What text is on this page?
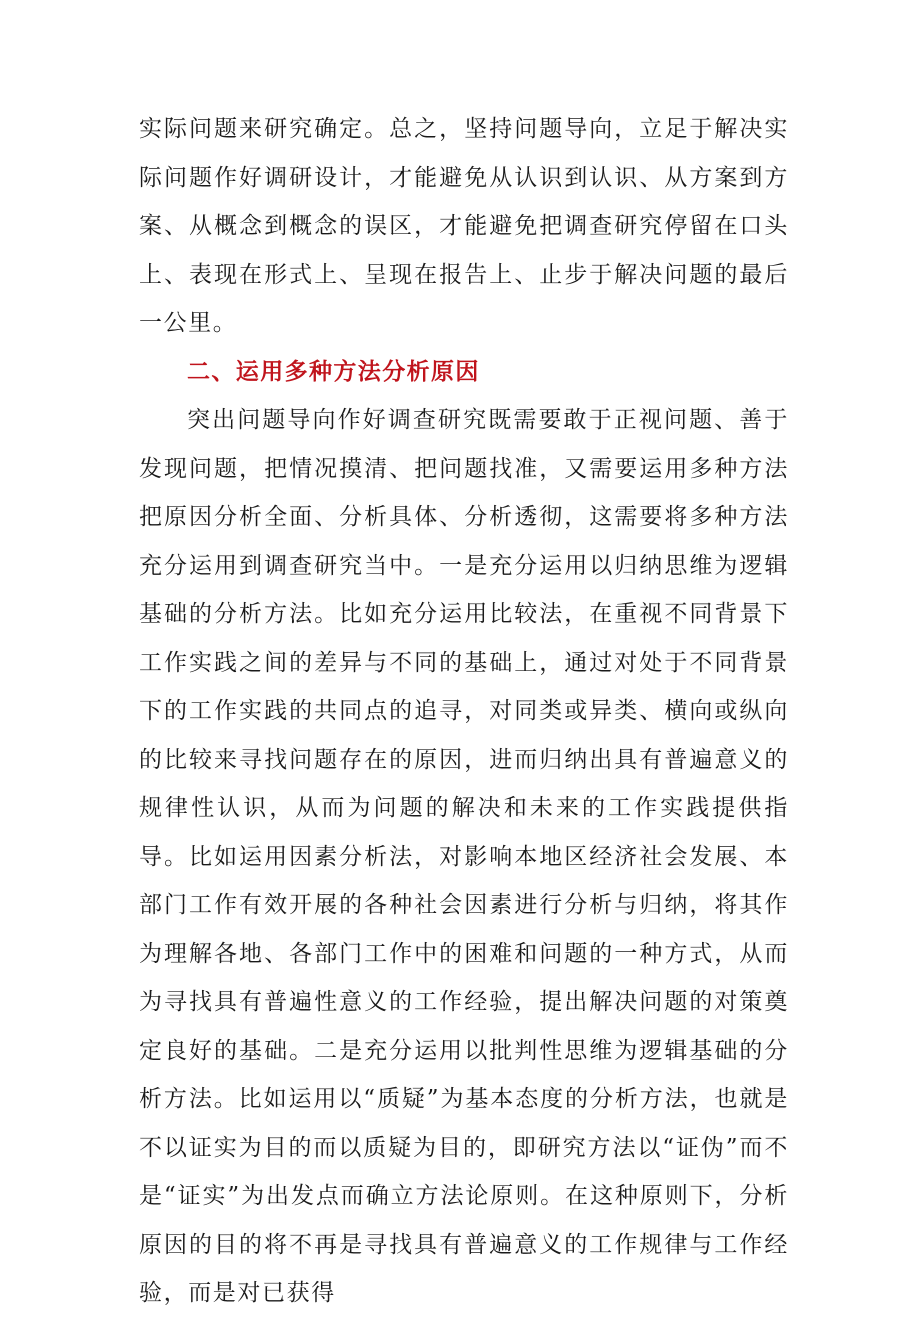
实际问题来研究确定。总之，坚持问题导向，立足于解决实际问题作好调研设计，才能避免从认识到认识、从方案到方案、从概念到概念的误区，才能避免把调查研究停留在口头上、表现在形式上、呈现在报告上、止步于解决问题的最后一公里。

二、运用多种方法分析原因

突出问题导向作好调查研究既需要敢于正视问题、善于发现问题，把情况摸清、把问题找准，又需要运用多种方法把原因分析全面、分析具体、分析透彻，这需要将多种方法充分运用到调查研究当中。一是充分运用以归纳思维为逻辑基础的分析方法。比如充分运用比较法，在重视不同背景下工作实践之间的差异与不同的基础上，通过对处于不同背景下的工作实践的共同点的追寻，对同类或异类、横向或纵向的比较来寻找问题存在的原因，进而归纳出具有普遍意义的规律性认识，从而为问题的解决和未来的工作实践提供指导。比如运用因素分析法，对影响本地区经济社会发展、本部门工作有效开展的各种社会因素进行分析与归纳，将其作为理解各地、各部门工作中的困难和问题的一种方式，从而为寻找具有普遍性意义的工作经验，提出解决问题的对策奠定良好的基础。二是充分运用以批判性思维为逻辑基础的分析方法。比如运用以“质疑”为基本态度的分析方法，也就是不以证实为目的而以质疑为目的，即研究方法以“证伪”而不是“证实”为出发点而确立方法论原则。在这种原则下，分析原因的目的将不再是寻找具有普遍意义的工作规律与工作经验，而是对已获得
